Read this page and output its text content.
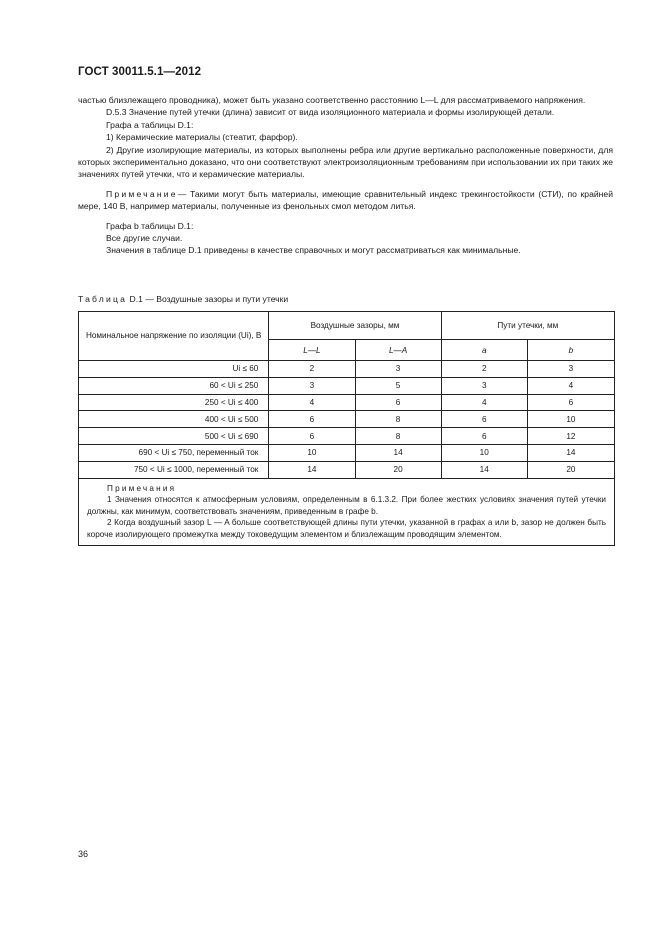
ГОСТ 30011.5.1—2012

частью близлежащего проводника), может быть указано соответственно расстоянию L—L для рассматриваемого напряжения.

D.5.3 Значение путей утечки (длина) зависит от вида изоляционного материала и формы изолирующей детали.

Графа a таблицы D.1:

1) Керамические материалы (стеатит, фарфор).

2) Другие изолирующие материалы, из которых выполнены ребра или другие вертикально расположенные поверхности, для которых экспериментально доказано, что они соответствуют электроизоляционным требованиям при использовании их при таких же значениях путей утечки, что и керамические материалы.

Примечание— Такими могут быть материалы, имеющие сравнительный индекс трекингостойкости (СТИ), по крайней мере, 140 В, например материалы, полученные из фенольных смол методом литья.

Графа b таблицы D.1:

Все другие случаи.

Значения в таблице D.1 приведены в качестве справочных и могут рассматриваться как минимальные.

Таблица D.1 — Воздушные зазоры и пути утечки
Номинальное напряжение по изоляции (Ui), В	Воздушные зазоры, мм		Пути утечки, мм	
	L—L	L—A	a	b
Ui ≤ 60	2	3	2	3
60 < Ui ≤ 250	3	5	3	4
250 < Ui ≤ 400	4	6	4	6
400 < Ui ≤ 500	6	8	6	10
500 < Ui ≤ 690	6	8	6	12
690 < Ui ≤ 750, переменный ток	10	14	10	14
750 < Ui ≤ 1000, переменный ток	14	20	14	20

Примечания

1 Значения относятся к атмосферным условиям, определенным в 6.1.3.2. При более жестких условиях значения путей утечки должны, как минимум, соответствовать значениям, приведенным в графе b.

2 Когда воздушный зазор L — A больше соответствующей длины пути утечки, указанной в графах a или b, зазор не должен быть короче изолирующего промежутка между токоведущим элементом и близлежащим проводящим элементом.				

36
